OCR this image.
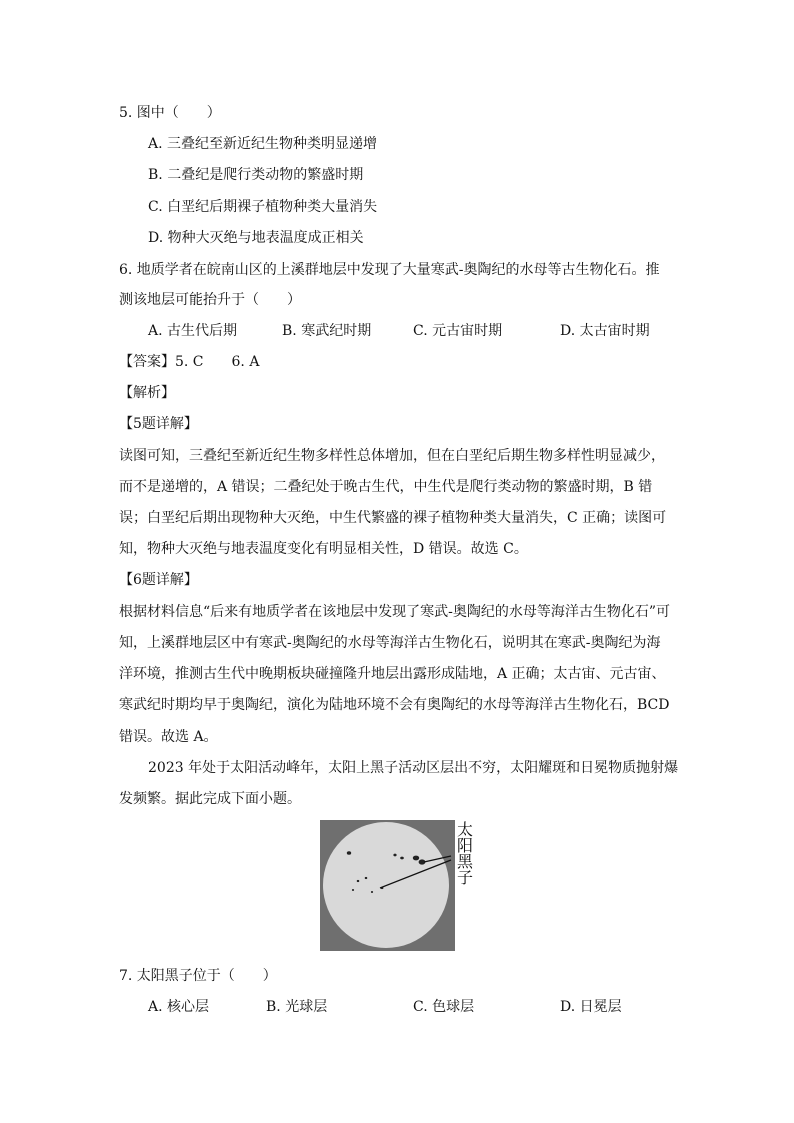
5. 图中（　　）
A. 三叠纪至新近纪生物种类明显递增
B. 二叠纪是爬行类动物的繁盛时期
C. 白垩纪后期裸子植物种类大量消失
D. 物种大灭绝与地表温度成正相关
6. 地质学者在皖南山区的上溪群地层中发现了大量寒武-奥陶纪的水母等古生物化石。推
测该地层可能抬升于（　　）
A. 古生代后期	B. 寒武纪时期	C. 元古宙时期	D. 太古宙时期
【答案】5. C　　6. A
【解析】
【5题详解】
读图可知，三叠纪至新近纪生物多样性总体增加，但在白垩纪后期生物多样性明显减少，
而不是递增的，A 错误；二叠纪处于晚古生代，中生代是爬行类动物的繁盛时期，B 错
误；白垩纪后期出现物种大灭绝，中生代繁盛的裸子植物种类大量消失，C 正确；读图可
知，物种大灭绝与地表温度变化有明显相关性，D 错误。故选 C。
【6题详解】
根据材料信息“后来有地质学者在该地层中发现了寒武-奥陶纪的水母等海洋古生物化石”可
知，上溪群地层区中有寒武-奥陶纪的水母等海洋古生物化石，说明其在寒武-奥陶纪为海
洋环境，推测古生代中晚期板块碰撞隆升地层出露形成陆地，A 正确；太古宙、元古宙、
寒武纪时期均早于奥陶纪，演化为陆地环境不会有奥陶纪的水母等海洋古生物化石，BCD
错误。故选 A。
2023 年处于太阳活动峰年，太阳上黑子活动区层出不穷，太阳耀斑和日冕物质抛射爆
发频繁。据此完成下面小题。
太
阳
黑
子
7. 太阳黑子位于（　　）
A. 核心层	B. 光球层	C. 色球层	D. 日冕层
